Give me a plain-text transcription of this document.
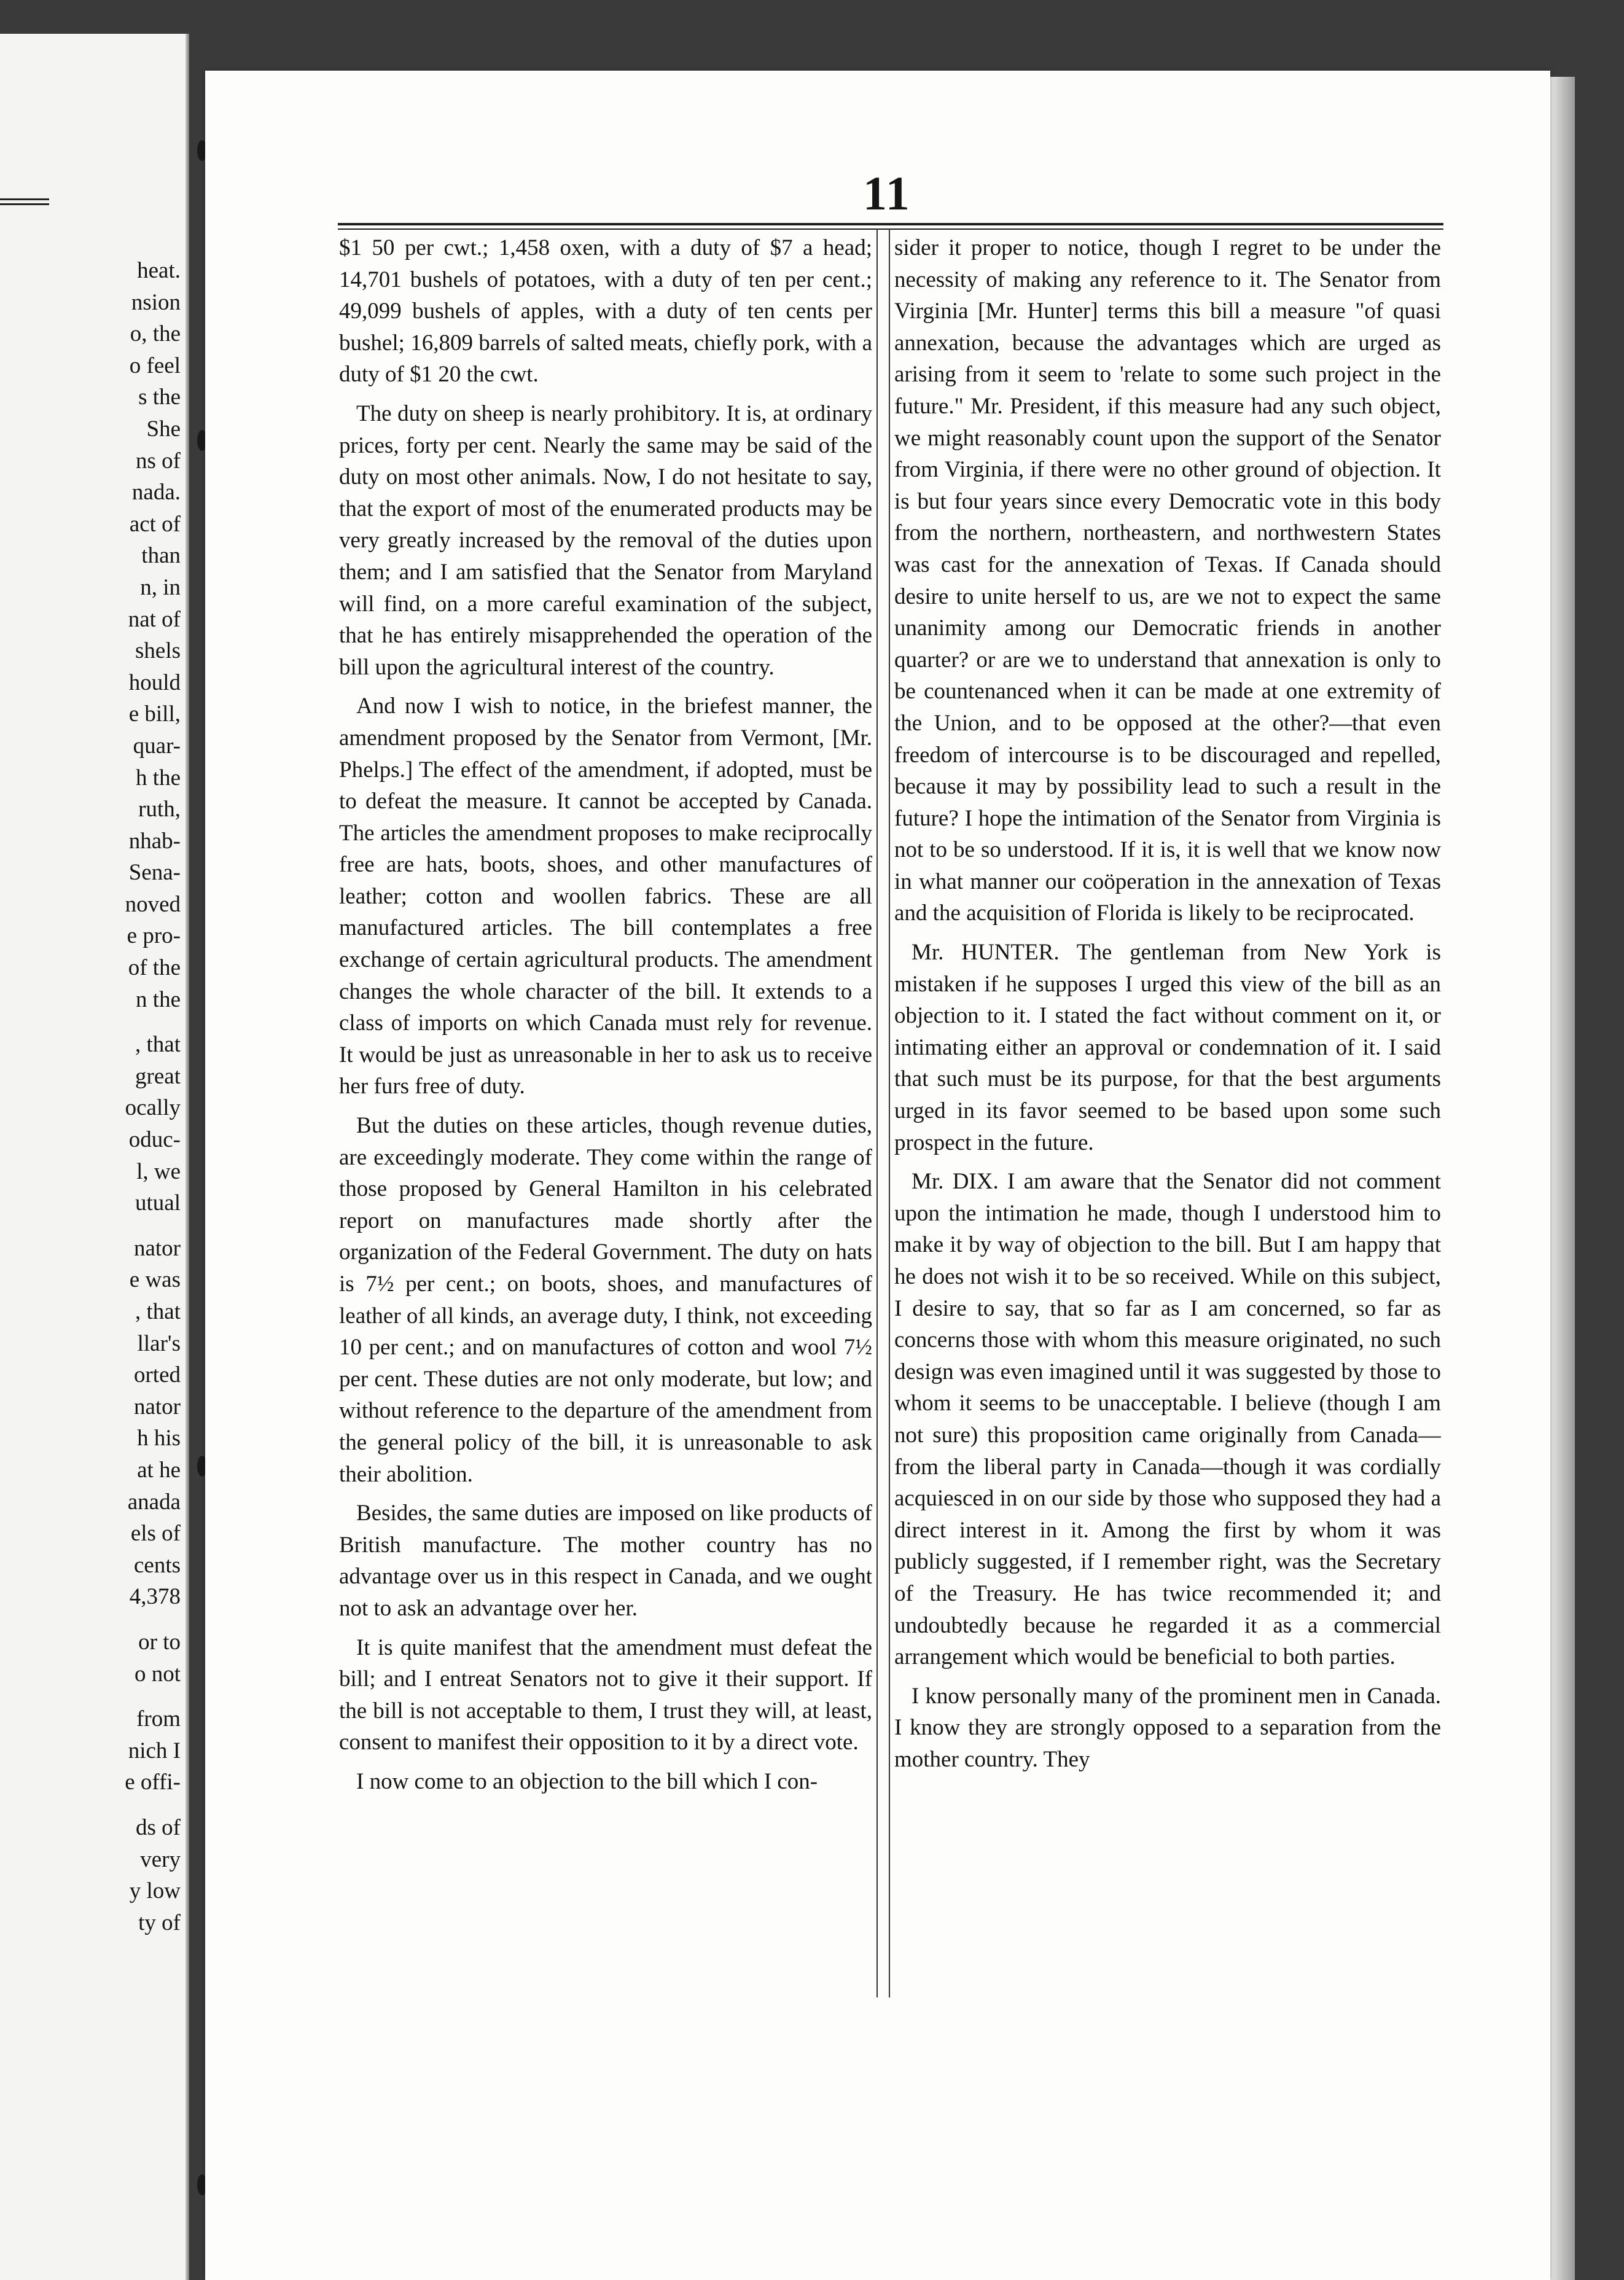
heat.
nsion
o, the
o feel
s the
She
ns of
nada.
act of
than
n, in
nat of
shels
hould
e bill,
quar-
h the
ruth,
nhab-
Sena-
noved
e pro-
of the
n the
, that
great
ocally
oduc-
l, we
utual
nator
e was
, that
llar's
orted
nator
h his
at he
anada
els of
cents
4,378
or to
o not
from
nich I
e offi-
ds of
very
y low
ty of
11

$1 50 per cwt.; 1,458 oxen, with a duty of $7 a head; 14,701 bushels of potatoes, with a duty of ten per cent.; 49,099 bushels of apples, with a duty of ten cents per bushel; 16,809 barrels of salted meats, chiefly pork, with a duty of $1 20 the cwt.

The duty on sheep is nearly prohibitory. It is, at ordinary prices, forty per cent. Nearly the same may be said of the duty on most other animals. Now, I do not hesitate to say, that the export of most of the enumerated products may be very greatly increased by the removal of the duties upon them; and I am satisfied that the Senator from Maryland will find, on a more careful examination of the subject, that he has entirely misapprehended the operation of the bill upon the agricultural interest of the country.

And now I wish to notice, in the briefest manner, the amendment proposed by the Senator from Vermont, [Mr. Phelps.] The effect of the amendment, if adopted, must be to defeat the measure. It cannot be accepted by Canada. The articles the amendment proposes to make reciprocally free are hats, boots, shoes, and other manufactures of leather; cotton and woollen fabrics. These are all manufactured articles. The bill contemplates a free exchange of certain agricultural products. The amendment changes the whole character of the bill. It extends to a class of imports on which Canada must rely for revenue. It would be just as unreasonable in her to ask us to receive her furs free of duty.

But the duties on these articles, though revenue duties, are exceedingly moderate. They come within the range of those proposed by General Hamilton in his celebrated report on manufactures made shortly after the organization of the Federal Government. The duty on hats is 7½ per cent.; on boots, shoes, and manufactures of leather of all kinds, an average duty, I think, not exceeding 10 per cent.; and on manufactures of cotton and wool 7½ per cent. These duties are not only moderate, but low; and without reference to the departure of the amendment from the general policy of the bill, it is unreasonable to ask their abolition.

Besides, the same duties are imposed on like products of British manufacture. The mother country has no advantage over us in this respect in Canada, and we ought not to ask an advantage over her.

It is quite manifest that the amendment must defeat the bill; and I entreat Senators not to give it their support. If the bill is not acceptable to them, I trust they will, at least, consent to manifest their opposition to it by a direct vote.

I now come to an objection to the bill which I con-

sider it proper to notice, though I regret to be under the necessity of making any reference to it. The Senator from Virginia [Mr. Hunter] terms this bill a measure "of quasi annexation, because the advantages which are urged as arising from it seem to 'relate to some such project in the future." Mr. President, if this measure had any such object, we might reasonably count upon the support of the Senator from Virginia, if there were no other ground of objection. It is but four years since every Democratic vote in this body from the northern, northeastern, and northwestern States was cast for the annexation of Texas. If Canada should desire to unite herself to us, are we not to expect the same unanimity among our Democratic friends in another quarter? or are we to understand that annexation is only to be countenanced when it can be made at one extremity of the Union, and to be opposed at the other?—that even freedom of intercourse is to be discouraged and repelled, because it may by possibility lead to such a result in the future? I hope the intimation of the Senator from Virginia is not to be so understood. If it is, it is well that we know now in what manner our coöperation in the annexation of Texas and the acquisition of Florida is likely to be reciprocated.

Mr. HUNTER. The gentleman from New York is mistaken if he supposes I urged this view of the bill as an objection to it. I stated the fact without comment on it, or intimating either an approval or condemnation of it. I said that such must be its purpose, for that the best arguments urged in its favor seemed to be based upon some such prospect in the future.

Mr. DIX. I am aware that the Senator did not comment upon the intimation he made, though I understood him to make it by way of objection to the bill. But I am happy that he does not wish it to be so received. While on this subject, I desire to say, that so far as I am concerned, so far as concerns those with whom this measure originated, no such design was even imagined until it was suggested by those to whom it seems to be unacceptable. I believe (though I am not sure) this proposition came originally from Canada—from the liberal party in Canada—though it was cordially acquiesced in on our side by those who supposed they had a direct interest in it. Among the first by whom it was publicly suggested, if I remember right, was the Secretary of the Treasury. He has twice recommended it; and undoubtedly because he regarded it as a commercial arrangement which would be beneficial to both parties.

I know personally many of the prominent men in Canada. I know they are strongly opposed to a separation from the mother country. They
